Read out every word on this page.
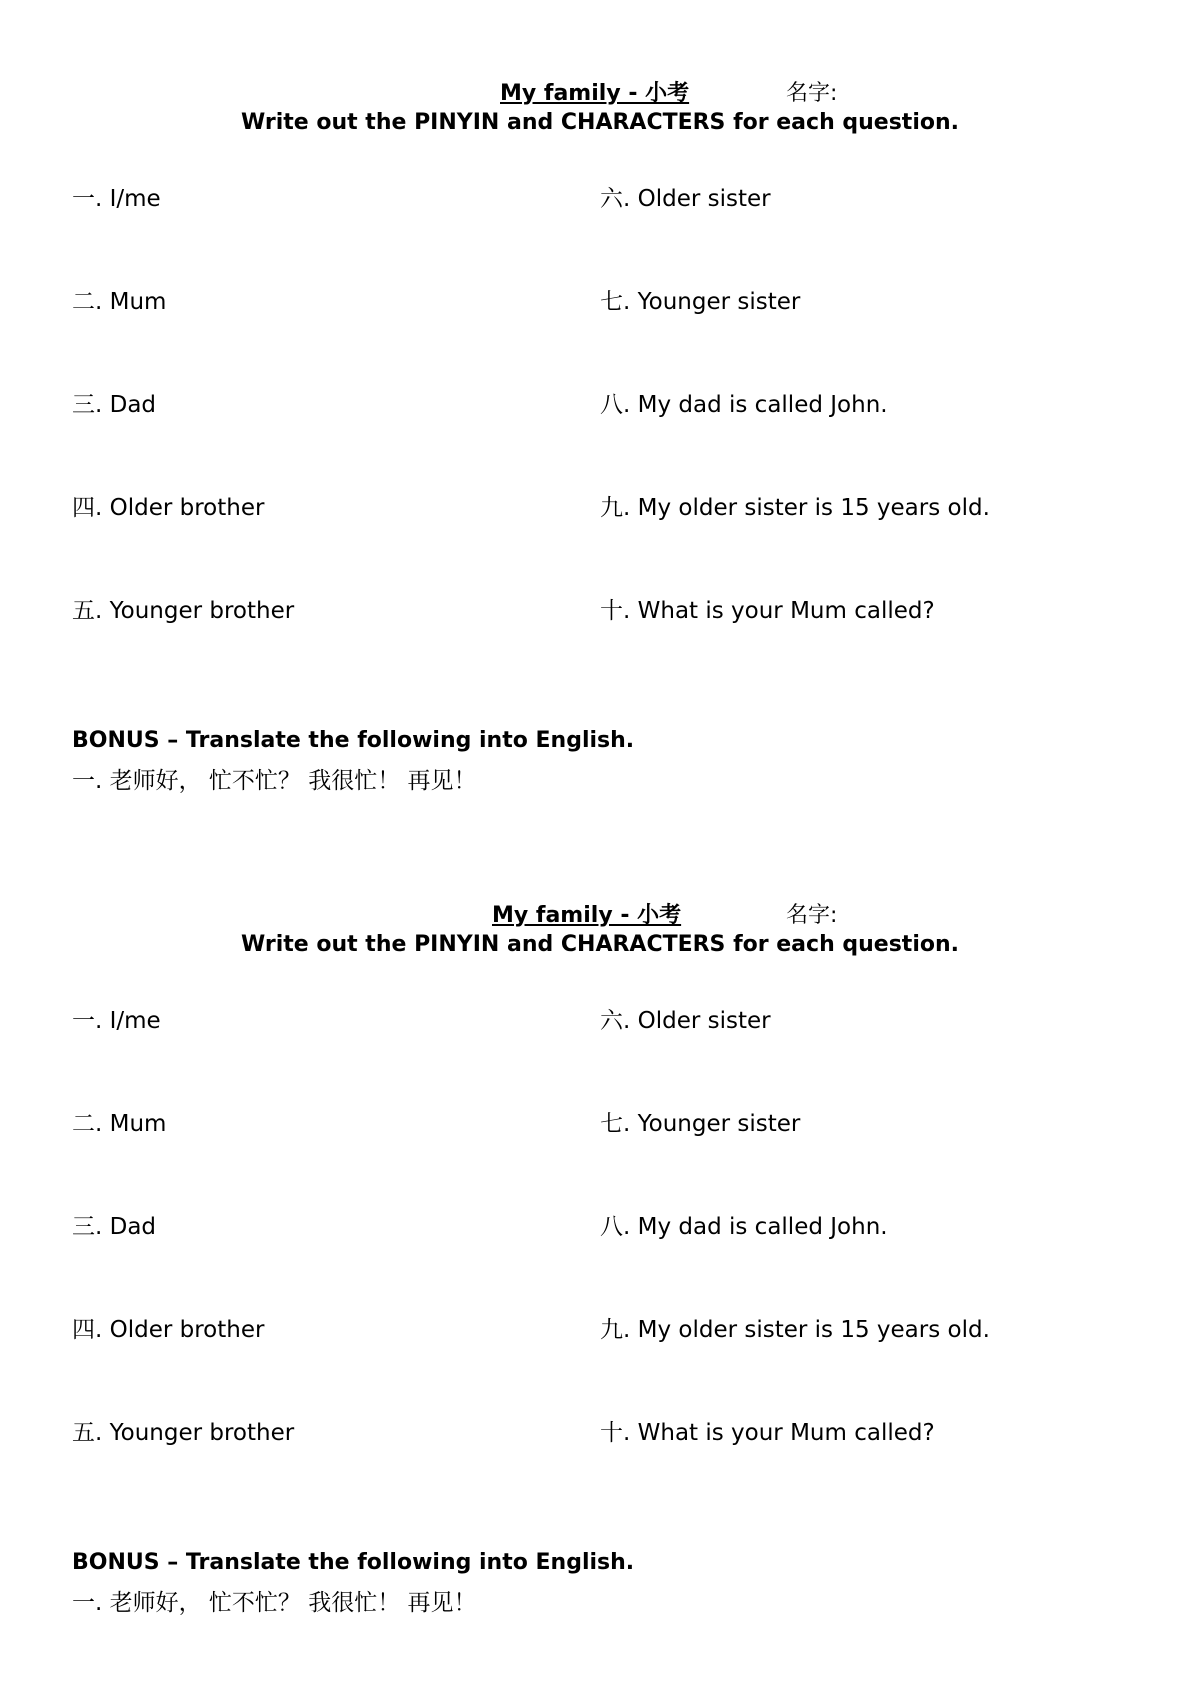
My family - 小考	名字:
Write out the PINYIN and CHARACTERS for each question.
一. I/me
二. Mum
三. Dad
四. Older brother
五. Younger brother
六. Older sister
七. Younger sister
八. My dad is called John.
九. My older sister is 15 years old.
十. What is your Mum called?
BONUS – Translate the following into English.
一. 老师好， 忙不忙？ 我很忙！ 再见！
My family - 小考	名字:
Write out the PINYIN and CHARACTERS for each question.
一. I/me
二. Mum
三. Dad
四. Older brother
五. Younger brother
六. Older sister
七. Younger sister
八. My dad is called John.
九. My older sister is 15 years old.
十. What is your Mum called?
BONUS – Translate the following into English.
一. 老师好， 忙不忙？ 我很忙！ 再见！
